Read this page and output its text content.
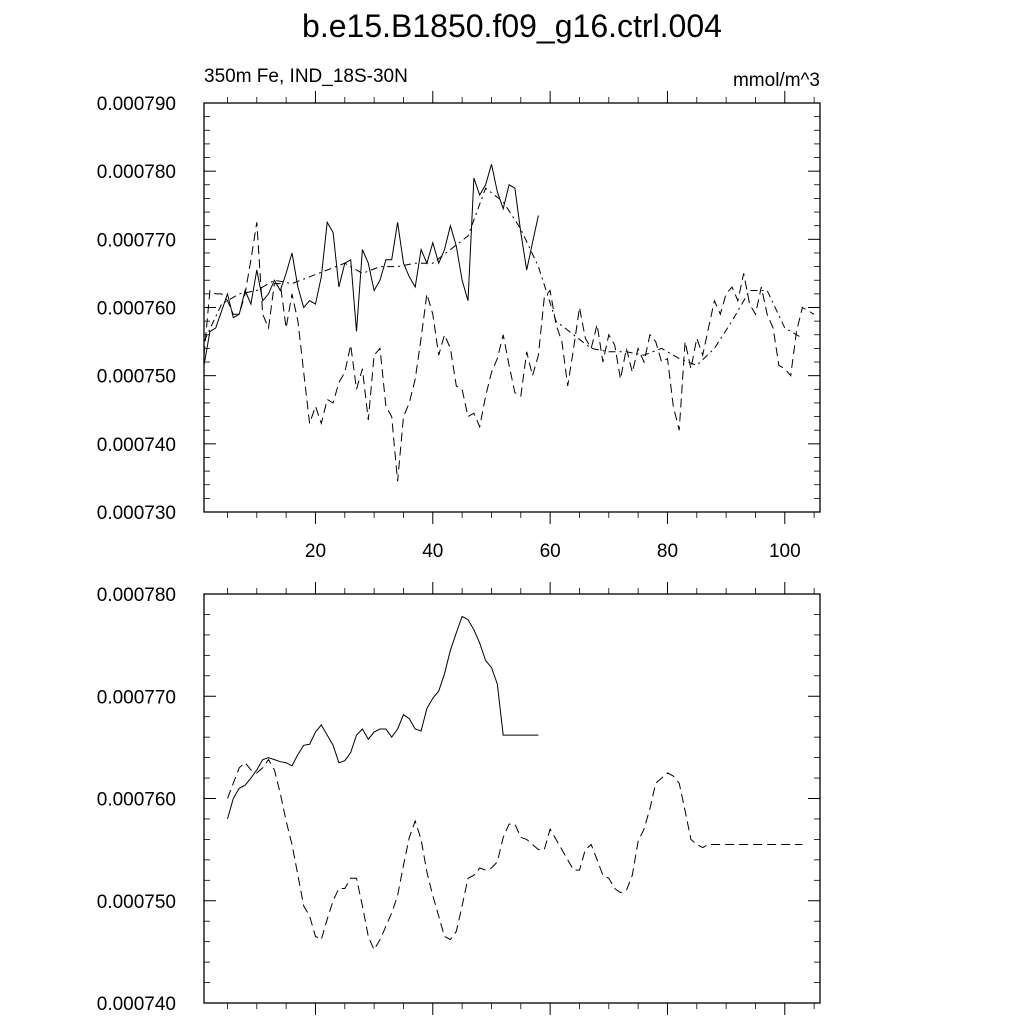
b.e15.B1850.f09_g16.ctrl.004
350m Fe, IND_18S-30N	mmol/m^3
20	40	60	80	100
0.000730
0.000740
0.000750
0.000760
0.000770
0.000780
0.000790
0.000740
0.000750
0.000760
0.000770
0.000780
